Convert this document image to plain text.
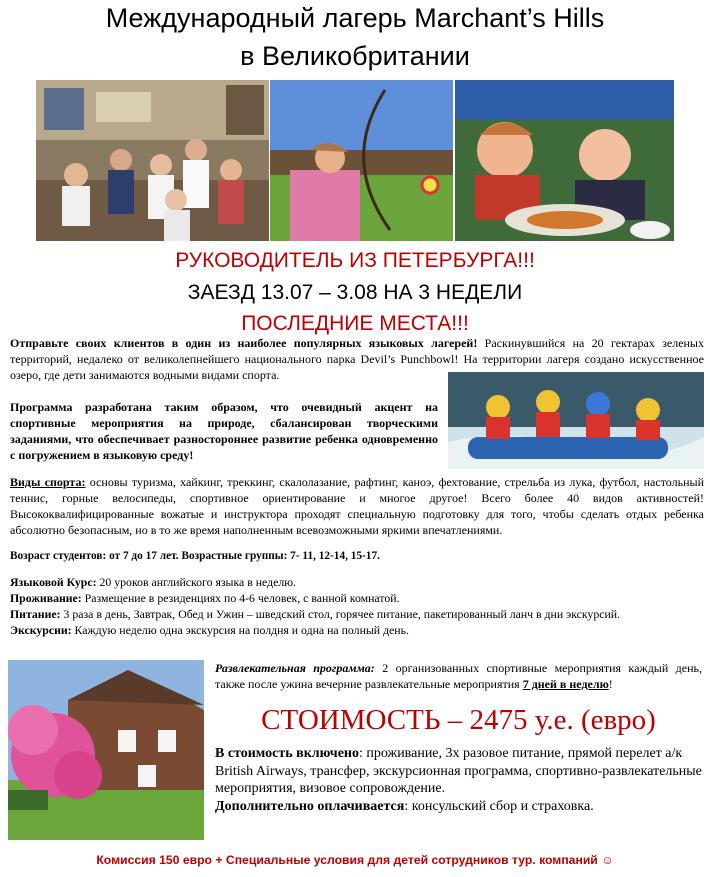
Международный лагерь Marchant’s Hills
в Великобритании
РУКОВОДИТЕЛЬ ИЗ ПЕТЕРБУРГА!!!
ЗАЕЗД 13.07 – 3.08 НА 3 НЕДЕЛИ
ПОСЛЕДНИЕ МЕСТА!!!
Отправьте своих клиентов в один из наиболее популярных языковых лагерей! Раскинувшийся на 20 гектарах зеленых территорий, недалеко от великолепнейшего национального парка Devil’s Punchbowl! На территории лагеря создано искусственное озеро, где дети занимаются водными видами спорта.
Программа разработана таким образом, что очевидный акцент на спортивные мероприятия на природе, сбалансирован творческими заданиями, что обеспечивает разностороннее развитие ребенка одновременно с погружением в языковую среду!
Виды спорта: основы туризма, хайкинг, треккинг, скалолазание, рафтинг, каноэ, фехтование, стрельба из лука, футбол, настольный теннис, горные велосипеды, спортивное ориентирование и многое другое! Всего более 40 видов активностей! Высококвалифицированные вожатые и инструктора проходят специальную подготовку для того, чтобы сделать отдых ребенка абсолютно безопасным, но в то же время наполненным всевозможными яркими впечатлениями.
Возраст студентов: от 7 до 17 лет. Возрастные группы: 7- 11, 12-14, 15-17.
Языковой Курс: 20 уроков английского языка в неделю.
Проживание: Размещение в резиденциях по 4-6 человек, с ванной комнатой.
Питание: 3 раза в день, Завтрак, Обед и Ужин – шведский стол, горячее питание, пакетированный ланч в дни экскурсий.
Экскурсии: Каждую неделю одна экскурсия на полдня и одна на полный день.
Развлекательная программа: 2 организованных спортивные мероприятия каждый день, также после ужина вечерние развлекательные мероприятия 7 дней в неделю!
СТОИМОСТЬ – 2475 у.е. (евро)
В стоимость включено: проживание, 3х разовое питание, прямой перелет а/к British Airways, трансфер, экскурсионная программа, спортивно-развлекательные мероприятия, визовое сопровождение.
Дополнительно оплачивается: консульский сбор и страховка.
Комиссия 150 евро + Специальные условия для детей сотрудников тур. компаний ☺
